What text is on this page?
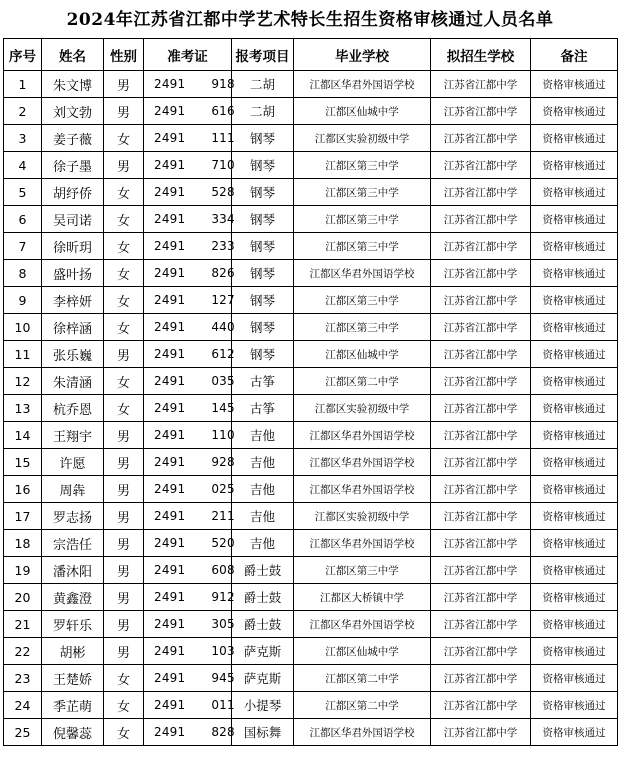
2024年江苏省江都中学艺术特长生招生资格审核通过人员名单
序号	姓名	性别	准考证	报考项目	毕业学校	拟招生学校	备注
1	朱文博	男	2491 918	二胡	江都区华君外国语学校	江苏省江都中学	资格审核通过
2	刘文勃	男	2491 616	二胡	江都区仙城中学	江苏省江都中学	资格审核通过
3	姜子薇	女	2491 111	钢琴	江都区实验初级中学	江苏省江都中学	资格审核通过
4	徐子墨	男	2491 710	钢琴	江都区第三中学	江苏省江都中学	资格审核通过
5	胡纾侨	女	2491 528	钢琴	江都区第三中学	江苏省江都中学	资格审核通过
6	吴司诺	女	2491 334	钢琴	江都区第三中学	江苏省江都中学	资格审核通过
7	徐昕玥	女	2491 233	钢琴	江都区第三中学	江苏省江都中学	资格审核通过
8	盛叶扬	女	2491 826	钢琴	江都区华君外国语学校	江苏省江都中学	资格审核通过
9	李梓妍	女	2491 127	钢琴	江都区第三中学	江苏省江都中学	资格审核通过
10	徐梓涵	女	2491 440	钢琴	江都区第三中学	江苏省江都中学	资格审核通过
11	张乐巍	男	2491 612	钢琴	江都区仙城中学	江苏省江都中学	资格审核通过
12	朱清涵	女	2491 035	古筝	江都区第二中学	江苏省江都中学	资格审核通过
13	杭乔恩	女	2491 145	古筝	江都区实验初级中学	江苏省江都中学	资格审核通过
14	王翔宇	男	2491 110	吉他	江都区华君外国语学校	江苏省江都中学	资格审核通过
15	许愿	男	2491 928	吉他	江都区华君外国语学校	江苏省江都中学	资格审核通过
16	周犇	男	2491 025	吉他	江都区华君外国语学校	江苏省江都中学	资格审核通过
17	罗志扬	男	2491 211	吉他	江都区实验初级中学	江苏省江都中学	资格审核通过
18	宗浩任	男	2491 520	吉他	江都区华君外国语学校	江苏省江都中学	资格审核通过
19	潘沐阳	男	2491 608	爵士鼓	江都区第三中学	江苏省江都中学	资格审核通过
20	黄鑫澄	男	2491 912	爵士鼓	江都区大桥镇中学	江苏省江都中学	资格审核通过
21	罗轩乐	男	2491 305	爵士鼓	江都区华君外国语学校	江苏省江都中学	资格审核通过
22	胡彬	男	2491 103	萨克斯	江都区仙城中学	江苏省江都中学	资格审核通过
23	王楚娇	女	2491 945	萨克斯	江都区第二中学	江苏省江都中学	资格审核通过
24	季芷萌	女	2491 011	小提琴	江都区第二中学	江苏省江都中学	资格审核通过
25	倪馨蕊	女	2491 828	国标舞	江都区华君外国语学校	江苏省江都中学	资格审核通过
